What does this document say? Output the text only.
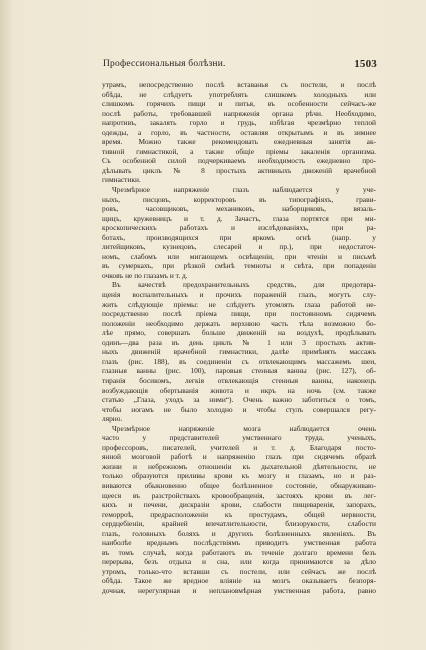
Профессиональныя болѣзни.	1503
утрамъ, непосредственно послѣ вставанья съ постели, и послѣ
обѣда, не слѣдуетъ употреблять слишкомъ холодныхъ или
слишкомъ горячихъ пищи и питья, въ особенности сейчасъ-же
послѣ работы, требовавшей напряженія органа рѣчи. Необходимо,
напротивъ, закалять горло и грудь, избѣгая чрезмѣрно теплой
одежды, а горло, въ частности, оставляя открытымъ и въ зимнее
время. Можно также рекомендовать ежедневныя занятія ак-
тивной гимнастикой, а также общіе пріемы закаленія организма.
Съ особенной силой подчеркиваемъ необходимость ежедневно про-
дѣлывать циклъ № 8 простыхъ активныхъ движеній врачебной
гимнастики.
Чрезмѣрное напряженіе глазъ наблюдается у уче-
ныхъ, писцовъ, корректоровъ въ типографіяхъ, грави-
ровъ, часовщиковъ, механиковъ, наборщиковъ, вязаль-
щицъ, кружевницъ и т. д. Зачастъ, глаза портятся при ми-
кроскопическихъ работахъ и изслѣдованіяхъ, при ра-
ботахъ, производящихся при яркомъ огнѣ (напр. у
литейщиковъ, кузнецовъ, слесарей и пр.), при недостаточ-
номъ, слабомъ или мигающемъ освѣщеніи, при чтеніи и письмѣ
въ сумеркахъ, при рѣзкой смѣнѣ темноты и свѣта, при попаденіи
очковъ не по глазамъ и т. д.
Въ качествѣ предохранительныхъ средствъ, для предотвра-
щенія воспалительныхъ и прочихъ пораженій глазъ, могутъ слу-
жить слѣдующіе пріемы: не слѣдуетъ утомлять глаза работой не-
посредственно послѣ пріема пищи, при постоянномъ сидячемъ
положеніи необходимо держать верхнюю часть тѣла возможно бо-
лѣе прямо, совершать больше движеній на воздухѣ, продѣлывать
одинъ—два раза въ день циклъ № 1 или 3 простыхъ актив-
ныхъ движеній врачебной гимнастики, далѣе примѣнять массажъ
глазъ (рис. 188), въ соединеніи съ отвлекающимъ массажемъ шеи,
глазныя ванны (рис. 100), паровыя стенныя ванны (рис. 127), об-
тиранія босикомъ, легкія отвлекающія стенныя ванны, наконецъ
возбуждающія обертыванія живота и икръ на ночь (см. также
статью „Глаза, уходъ за ними“). Очень важно заботиться о томъ,
чтобы ногамъ не было холодно и чтобы стулъ совершался регу-
лярно.
Чрезмѣрное напряженіе мозга наблюдается очень
часто у представителей умственнаго труда, ученыхъ,
профессоровъ, писателей, учителей и т. д. Благодаря посто-
янной мозговой работѣ и напряженію глазъ при сидячемъ образѣ
жизни и небрежномъ отношеніи къ дыхательной дѣятельности, не
только образуются приливы крови къ мозгу и глазамъ, но и раз-
виваются обыкновенно общее болѣзненное состояніе, обнаруживаю-
щееся въ разстройствахъ кровообращенія, застояхъ крови въ лег-
кихъ и печени, дискразіи крови, слабости пищеваренія, запорахъ,
геморроѣ, предрасположеніи къ простудамъ, общей нервности,
сердцебіеніи, крайней впечатлительности, близорукости, слабости
глазъ, головныхъ боляхъ и другихъ болѣзненныхъ явленіяхъ. Въ
наиболѣе вреднымъ послѣдствіямъ приводитъ умственная работа
въ томъ случаѣ, когда работаютъ въ теченіе долгаго времени безъ
перерыва, безъ отдыха и сна, или когда принимаются за дѣло
утромъ, только-что вставши съ постели, или сейчасъ же послѣ
обѣда. Такое же вредное вліяніе на мозгъ оказываетъ безпоря-
дочная, нерегулярная и неплановмѣрная умственная работа, равно
